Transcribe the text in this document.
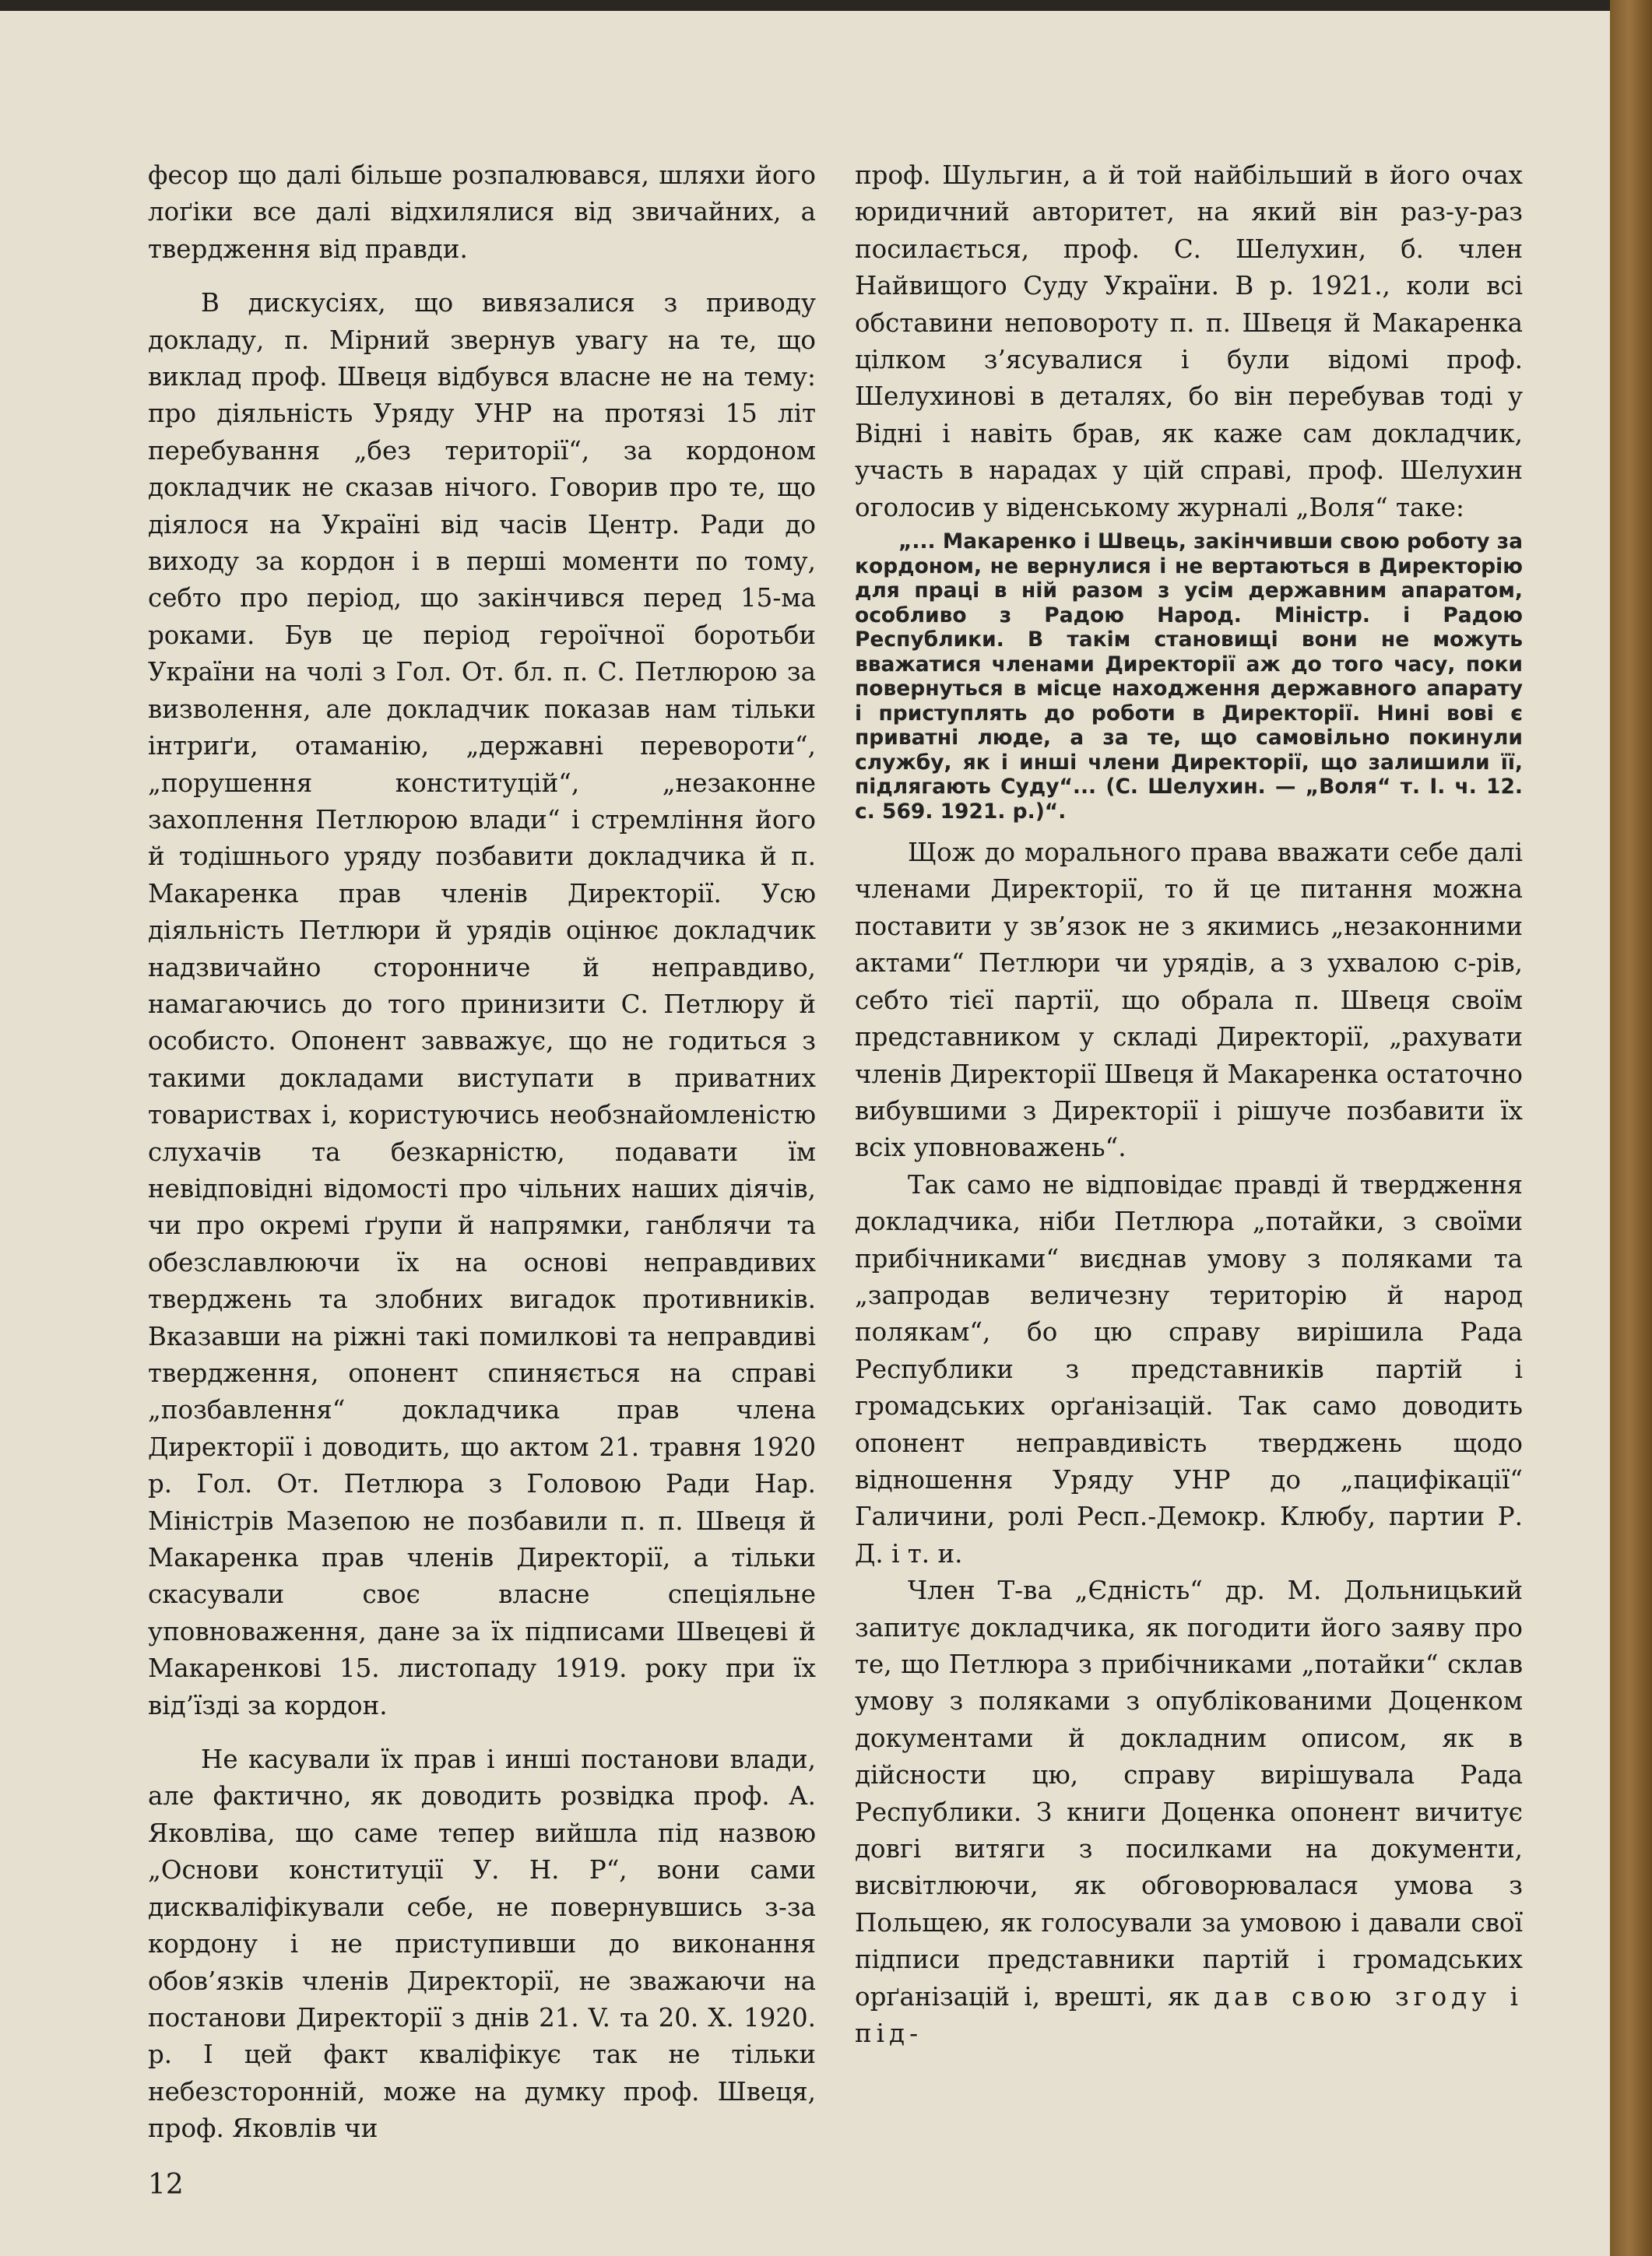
фесор що далі більше розпалювався, шляхи його лоґіки все далі відхилялися від звичайних, а твердження від правди.

В дискусіях, що вивязалися з приводу докладу, п. Мірний звернув увагу на те, що виклад проф. Швеця відбувся власне не на тему: про діяльність Уряду УНР на протязі 15 літ перебування „без території“, за кордоном докладчик не сказав нічого. Говорив про те, що діялося на Україні від часів Центр. Ради до виходу за кордон і в перші моменти по тому, себто про період, що закінчився перед 15-ма роками. Був це період героїчної боротьби України на чолі з Гол. От. бл. п. С. Петлюрою за визволення, але докладчик показав нам тільки інтриґи, отаманію, „державні перевороти“, „порушення конституцій“, „незаконне захоплення Петлюрою влади“ і стремління його й тодішнього уряду позбавити докладчика й п. Макаренка прав членів Директорії. Усю діяльність Петлюри й урядів оцінює докладчик надзвичайно сторонниче й неправдиво, намагаючись до того принизити С. Петлюру й особисто. Опонент завважує, що не годиться з такими докладами виступати в приватних товариствах і, користуючись необзнайомленістю слухачів та безкарністю, подавати їм невідповідні відомості про чільних наших діячів, чи про окремі ґрупи й напрямки, ганблячи та обезславлюючи їх на основі неправдивих тверджень та злобних вигадок противників. Вказавши на ріжні такі помилкові та неправдиві твердження, опонент спиняється на справі „позбавлення“ докладчика прав члена Директорії і доводить, що актом 21. травня 1920 р. Гол. От. Петлюра з Головою Ради Нар. Міністрів Мазепою не позбавили п. п. Швеця й Макаренка прав членів Директорії, а тільки скасували своє власне спеціяльне уповноваження, дане за їх підписами Швецеві й Макаренкові 15. листопаду 1919. року при їх від’їзді за кордон.

Не касували їх прав і инші постанови влади, але фактично, як доводить розвідка проф. А. Яковліва, що саме тепер вийшла під назвою „Основи конституції У. Н. Р“, вони сами дискваліфікували себе, не повернувшись з-за кордону і не приступивши до виконання обов’язків членів Директорії, не зважаючи на постанови Директорії з днів 21. V. та 20. X. 1920. р. І цей факт кваліфікує так не тільки небезсторонній, може на думку проф. Швеця, проф. Яковлів чи

проф. Шульгин, а й той найбільший в його очах юридичний авторитет, на який він раз-у-раз посилається, проф. С. Шелухин, б. член Найвищого Суду України. В р. 1921., коли всі обставини неповороту п. п. Швеця й Макаренка цілком з’ясувалися і були відомі проф. Шелухинові в деталях, бо він перебував тоді у Відні і навіть брав, як каже сам докладчик, участь в нарадах у цій справі, проф. Шелухин оголосив у віденському журналі „Воля“ таке:

„... Макаренко і Швець, закінчивши свою роботу за кордоном, не вернулися і не вертаються в Директорію для праці в ній разом з усім державним апаратом, особливо з Радою Народ. Міністр. і Радою Республики. В такім становищі вони не можуть вважатися членами Директорії аж до того часу, поки повернуться в місце находження державного апарату і приступлять до роботи в Директорії. Нині вові є приватні люде, а за те, що самовільно покинули службу, як і инші члени Директорії, що залишили її, підлягають Суду“... (С. Шелухин. — „Воля“ т. І. ч. 12. с. 569. 1921. р.)“.

Щож до морального права вважати себе далі членами Директорії, то й це питання можна поставити у зв’язок не з якимись „незаконними актами“ Петлюри чи урядів, а з ухвалою с-рів, себто тієї партії, що обрала п. Швеця своїм представником у складі Директорії, „рахувати членів Директорії Швеця й Макаренка остаточно вибувшими з Директорії і рішуче позбавити їх всіх уповноважень“.

Так само не відповідає правді й твердження докладчика, ніби Петлюра „потайки, з своїми прибічниками“ виєднав умову з поляками та „запродав величезну територію й народ полякам“, бо цю справу вирішила Рада Республики з представників партій і громадських орґанізацій. Так само доводить опонент неправдивість тверджень щодо відношення Уряду УНР до „пацифікації“ Галичини, ролі Респ.-Демокр. Клюбу, партии Р. Д. і т. и.

Член Т-ва „Єдність“ др. М. Дольницький запитує докладчика, як погодити його заяву про те, що Петлюра з прибічниками „потайки“ склав умову з поляками з опублікованими Доценком документами й докладним описом, як в дійсности цю, справу вирішувала Рада Республики. З книги Доценка опонент вичитує довгі витяги з посилками на документи, висвітлюючи, як обговорювалася умова з Польщею, як голосували за умовою і давали свої підписи представники партій і громадських орґанізацій і, врешті, як дав свою згоду і під-

12
